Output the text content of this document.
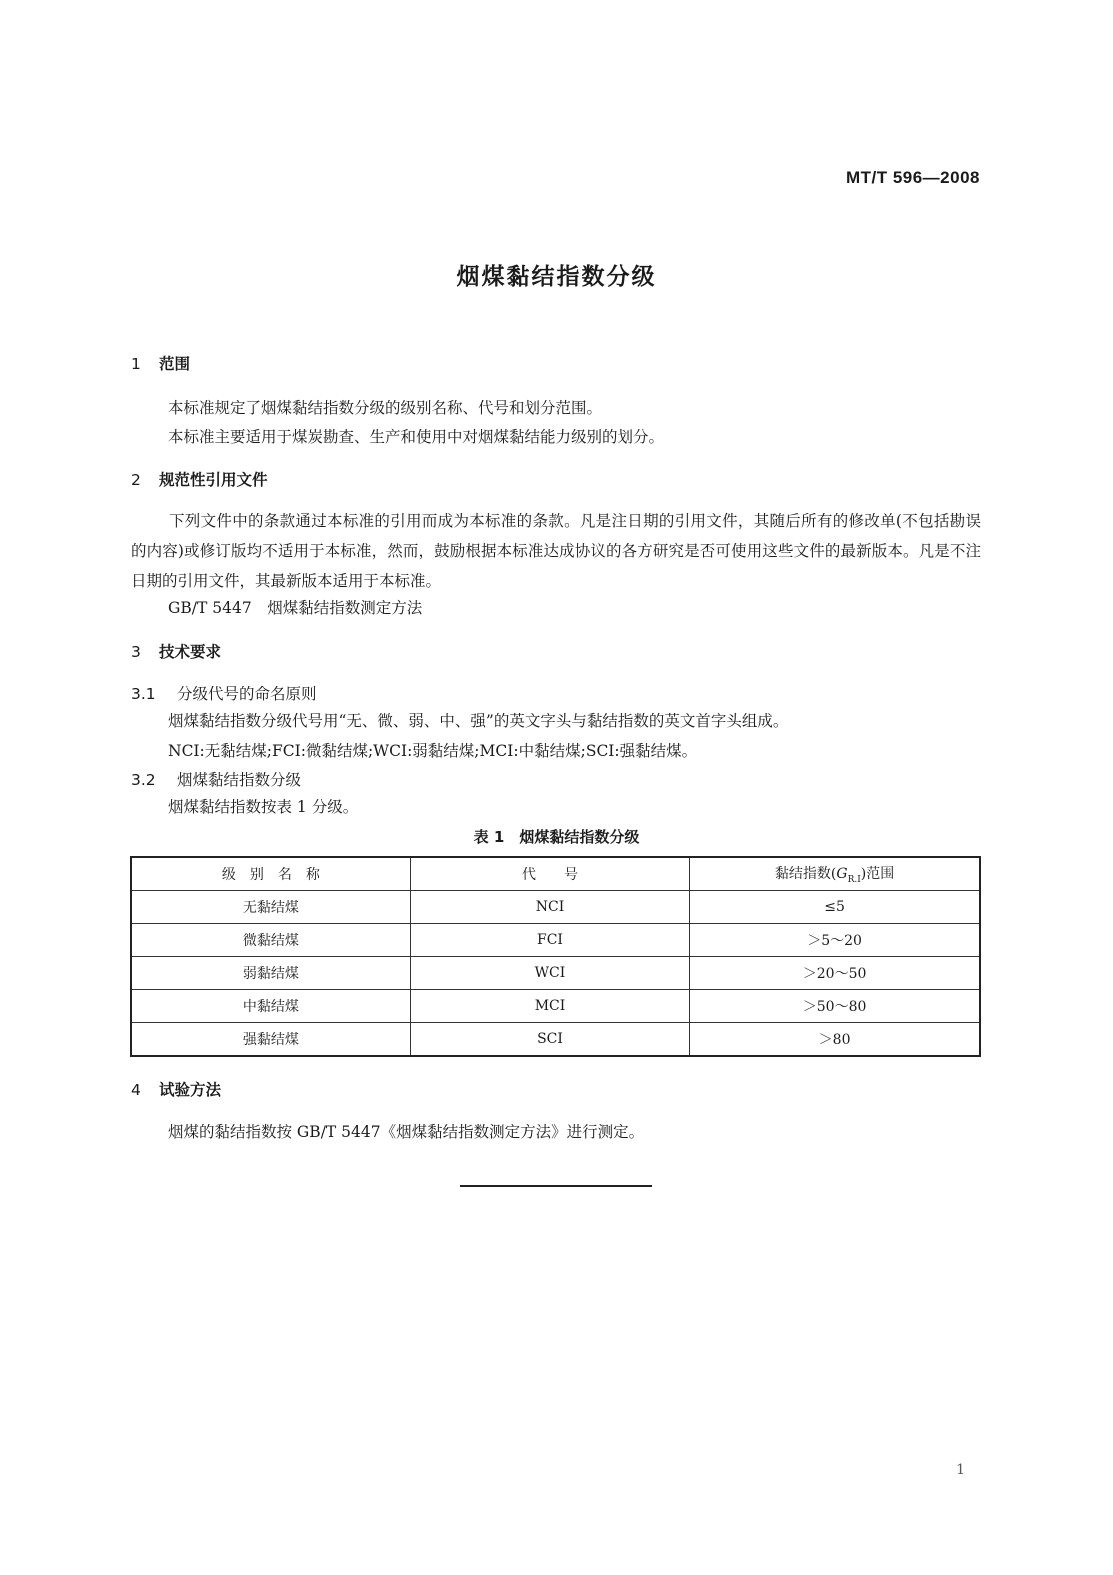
MT/T 596—2008
烟煤黏结指数分级
1 范围
本标准规定了烟煤黏结指数分级的级别名称、代号和划分范围。
本标准主要适用于煤炭勘查、生产和使用中对烟煤黏结能力级别的划分。
2 规范性引用文件
下列文件中的条款通过本标准的引用而成为本标准的条款。凡是注日期的引用文件，其随后所有的修改单(不包括勘误的内容)或修订版均不适用于本标准，然而，鼓励根据本标准达成协议的各方研究是否可使用这些文件的最新版本。凡是不注日期的引用文件，其最新版本适用于本标准。
GB/T 5447　烟煤黏结指数测定方法
3 技术要求
3.1 分级代号的命名原则
烟煤黏结指数分级代号用“无、微、弱、中、强”的英文字头与黏结指数的英文首字头组成。
NCI:无黏结煤;FCI:微黏结煤;WCI:弱黏结煤;MCI:中黏结煤;SCI:强黏结煤。
3.2 烟煤黏结指数分级
烟煤黏结指数按表 1 分级。
表 1　烟煤黏结指数分级
级　别　名　称	代　　号	黏结指数$(G_{R.I})$范围
无黏结煤	NCI	≤5
微黏结煤	FCI	＞5～20
弱黏结煤	WCI	＞20～50
中黏结煤	MCI	＞50～80
强黏结煤	SCI	＞80
4 试验方法
烟煤的黏结指数按 GB/T 5447《烟煤黏结指数测定方法》进行测定。
1
